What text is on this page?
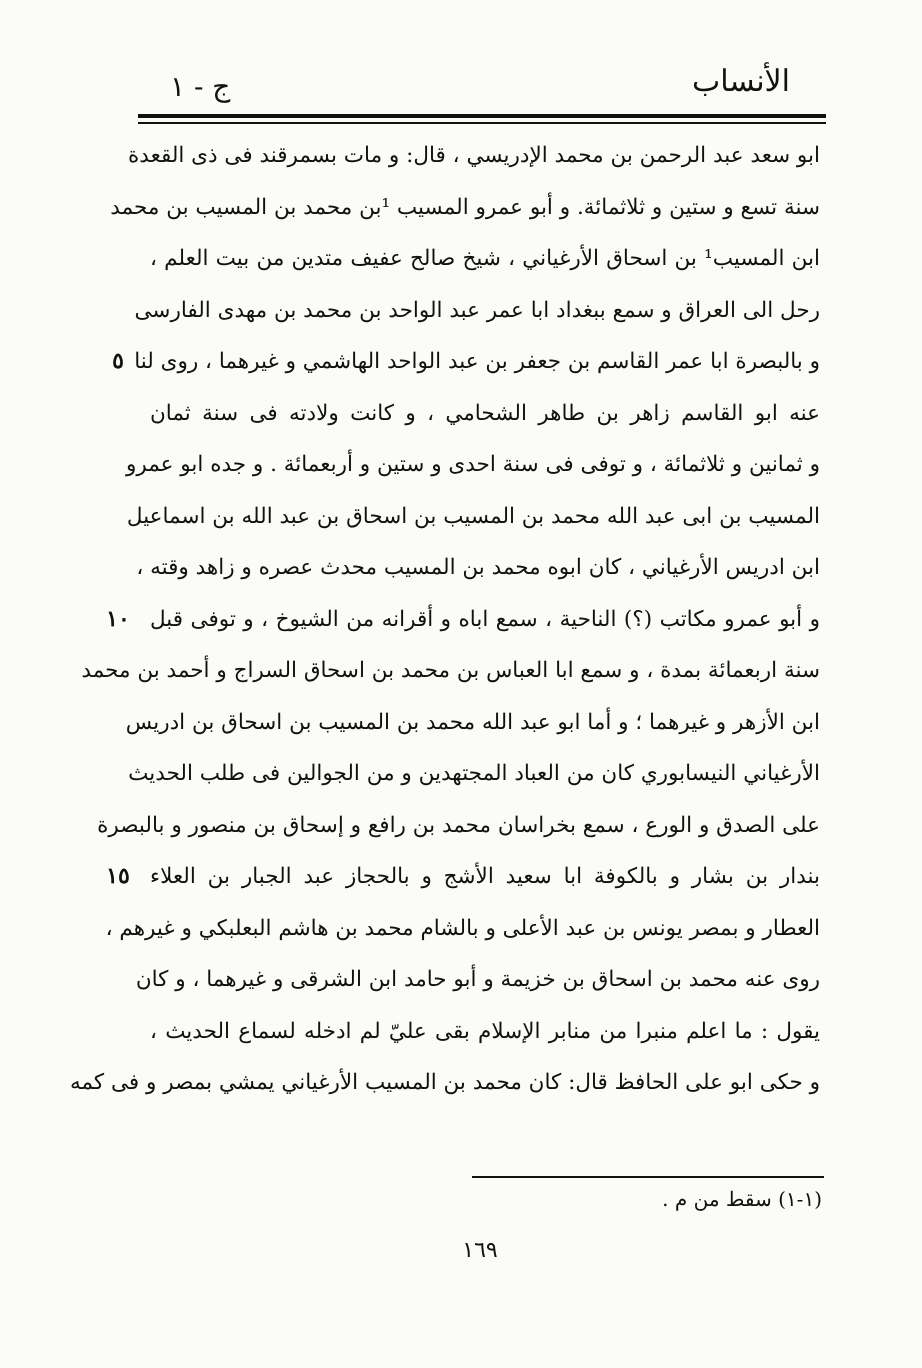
الأنساب
ج - ١
ابو سعد عبد الرحمن بن محمد الإدريسي ، قال: و مات بسمرقند فى ذى القعدة
سنة تسع و ستين و ثلاثمائة. و أبو عمرو المسيب ¹بن محمد بن المسيب بن محمد
ابن المسيب¹ بن اسحاق الأرغياني ، شيخ صالح عفيف متدين من بيت العلم ،
رحل الى العراق و سمع ببغداد ابا عمر عبد الواحد بن محمد بن مهدى الفارسى
و بالبصرة ابا عمر القاسم بن جعفر بن عبد الواحد الهاشمي و غيرهما ، روى لنا
عنه ابو القاسم زاهر بن طاهر الشحامي ، و كانت ولادته فى سنة ثمان
و ثمانين و ثلاثمائة ، و توفى فى سنة احدى و ستين و أربعمائة . و جده ابو عمرو
المسيب بن ابى عبد الله محمد بن المسيب بن اسحاق بن عبد الله بن اسماعيل
ابن ادريس الأرغياني ، كان ابوه محمد بن المسيب محدث عصره و زاهد وقته ،
و أبو عمرو مكاتب (؟) الناحية ، سمع اباه و أقرانه من الشيوخ ، و توفى قبل
سنة اربعمائة بمدة ، و سمع ابا العباس بن محمد بن اسحاق السراج و أحمد بن محمد
ابن الأزهر و غيرهما ؛ و أما ابو عبد الله محمد بن المسيب بن اسحاق بن ادريس
الأرغياني النيسابوري كان من العباد المجتهدين و من الجوالين فى طلب الحديث
على الصدق و الورع ، سمع بخراسان محمد بن رافع و إسحاق بن منصور و بالبصرة
بندار بن بشار و بالكوفة ابا سعيد الأشج و بالحجاز عبد الجبار بن العلاء
العطار و بمصر يونس بن عبد الأعلى و بالشام محمد بن هاشم البعلبكي و غيرهم ،
روى عنه محمد بن اسحاق بن خزيمة و أبو حامد ابن الشرقى و غيرهما ، و كان
يقول : ما اعلم منبرا من منابر الإسلام بقى عليّ لم ادخله لسماع الحديث ،
و حكى ابو على الحافظ قال: كان محمد بن المسيب الأرغياني يمشي بمصر و فى كمه
٥
١٠
١٥
(١-١) سقط من م .
١٦٩
